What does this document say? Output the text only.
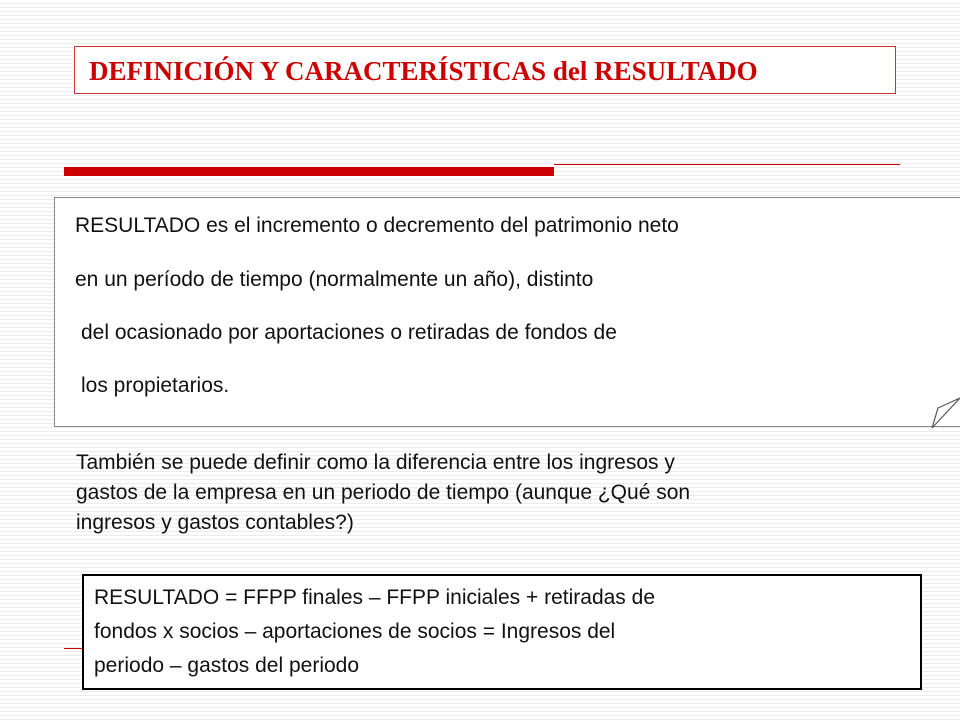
DEFINICIÓN Y CARACTERÍSTICAS del RESULTADO
RESULTADO es el incremento o decremento del patrimonio neto
en un período de tiempo (normalmente un año), distinto
del ocasionado por aportaciones o retiradas de fondos de
los propietarios.
También se puede definir como la diferencia entre los ingresos y
gastos de la empresa en un periodo de tiempo (aunque ¿Qué son
ingresos y gastos contables?)
RESULTADO = FFPP finales – FFPP iniciales + retiradas de
fondos x socios – aportaciones de socios = Ingresos del
periodo – gastos del periodo
